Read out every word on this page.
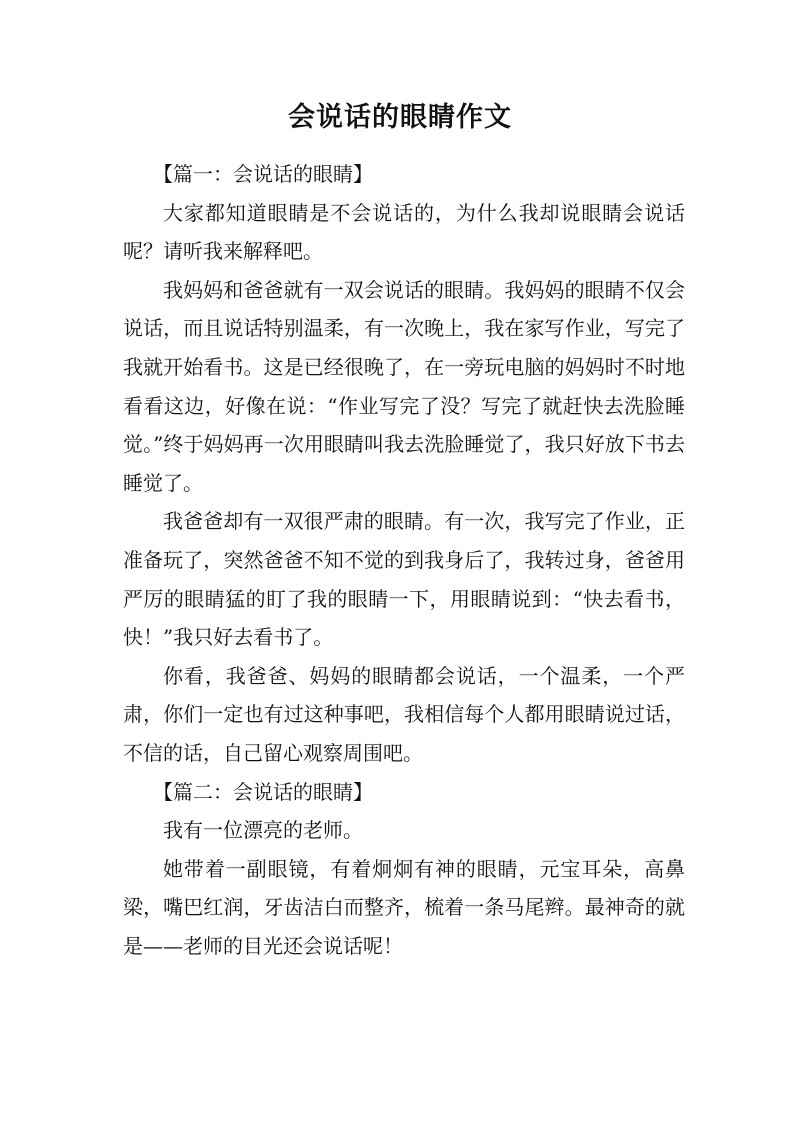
会说话的眼睛作文

【篇一：会说话的眼睛】

大家都知道眼睛是不会说话的，为什么我却说眼睛会说话呢？请听我来解释吧。

我妈妈和爸爸就有一双会说话的眼睛。我妈妈的眼睛不仅会说话，而且说话特别温柔，有一次晚上，我在家写作业，写完了我就开始看书。这是已经很晚了，在一旁玩电脑的妈妈时不时地看看这边，好像在说：“作业写完了没？写完了就赶快去洗脸睡觉。”终于妈妈再一次用眼睛叫我去洗脸睡觉了，我只好放下书去睡觉了。

我爸爸却有一双很严肃的眼睛。有一次，我写完了作业，正准备玩了，突然爸爸不知不觉的到我身后了，我转过身，爸爸用严厉的眼睛猛的盯了我的眼睛一下，用眼睛说到：“快去看书，快！”我只好去看书了。

你看，我爸爸、妈妈的眼睛都会说话，一个温柔，一个严肃，你们一定也有过这种事吧，我相信每个人都用眼睛说过话，不信的话，自己留心观察周围吧。

【篇二：会说话的眼睛】

我有一位漂亮的老师。

她带着一副眼镜，有着炯炯有神的眼睛，元宝耳朵，高鼻梁，嘴巴红润，牙齿洁白而整齐，梳着一条马尾辫。最神奇的就是——老师的目光还会说话呢！
